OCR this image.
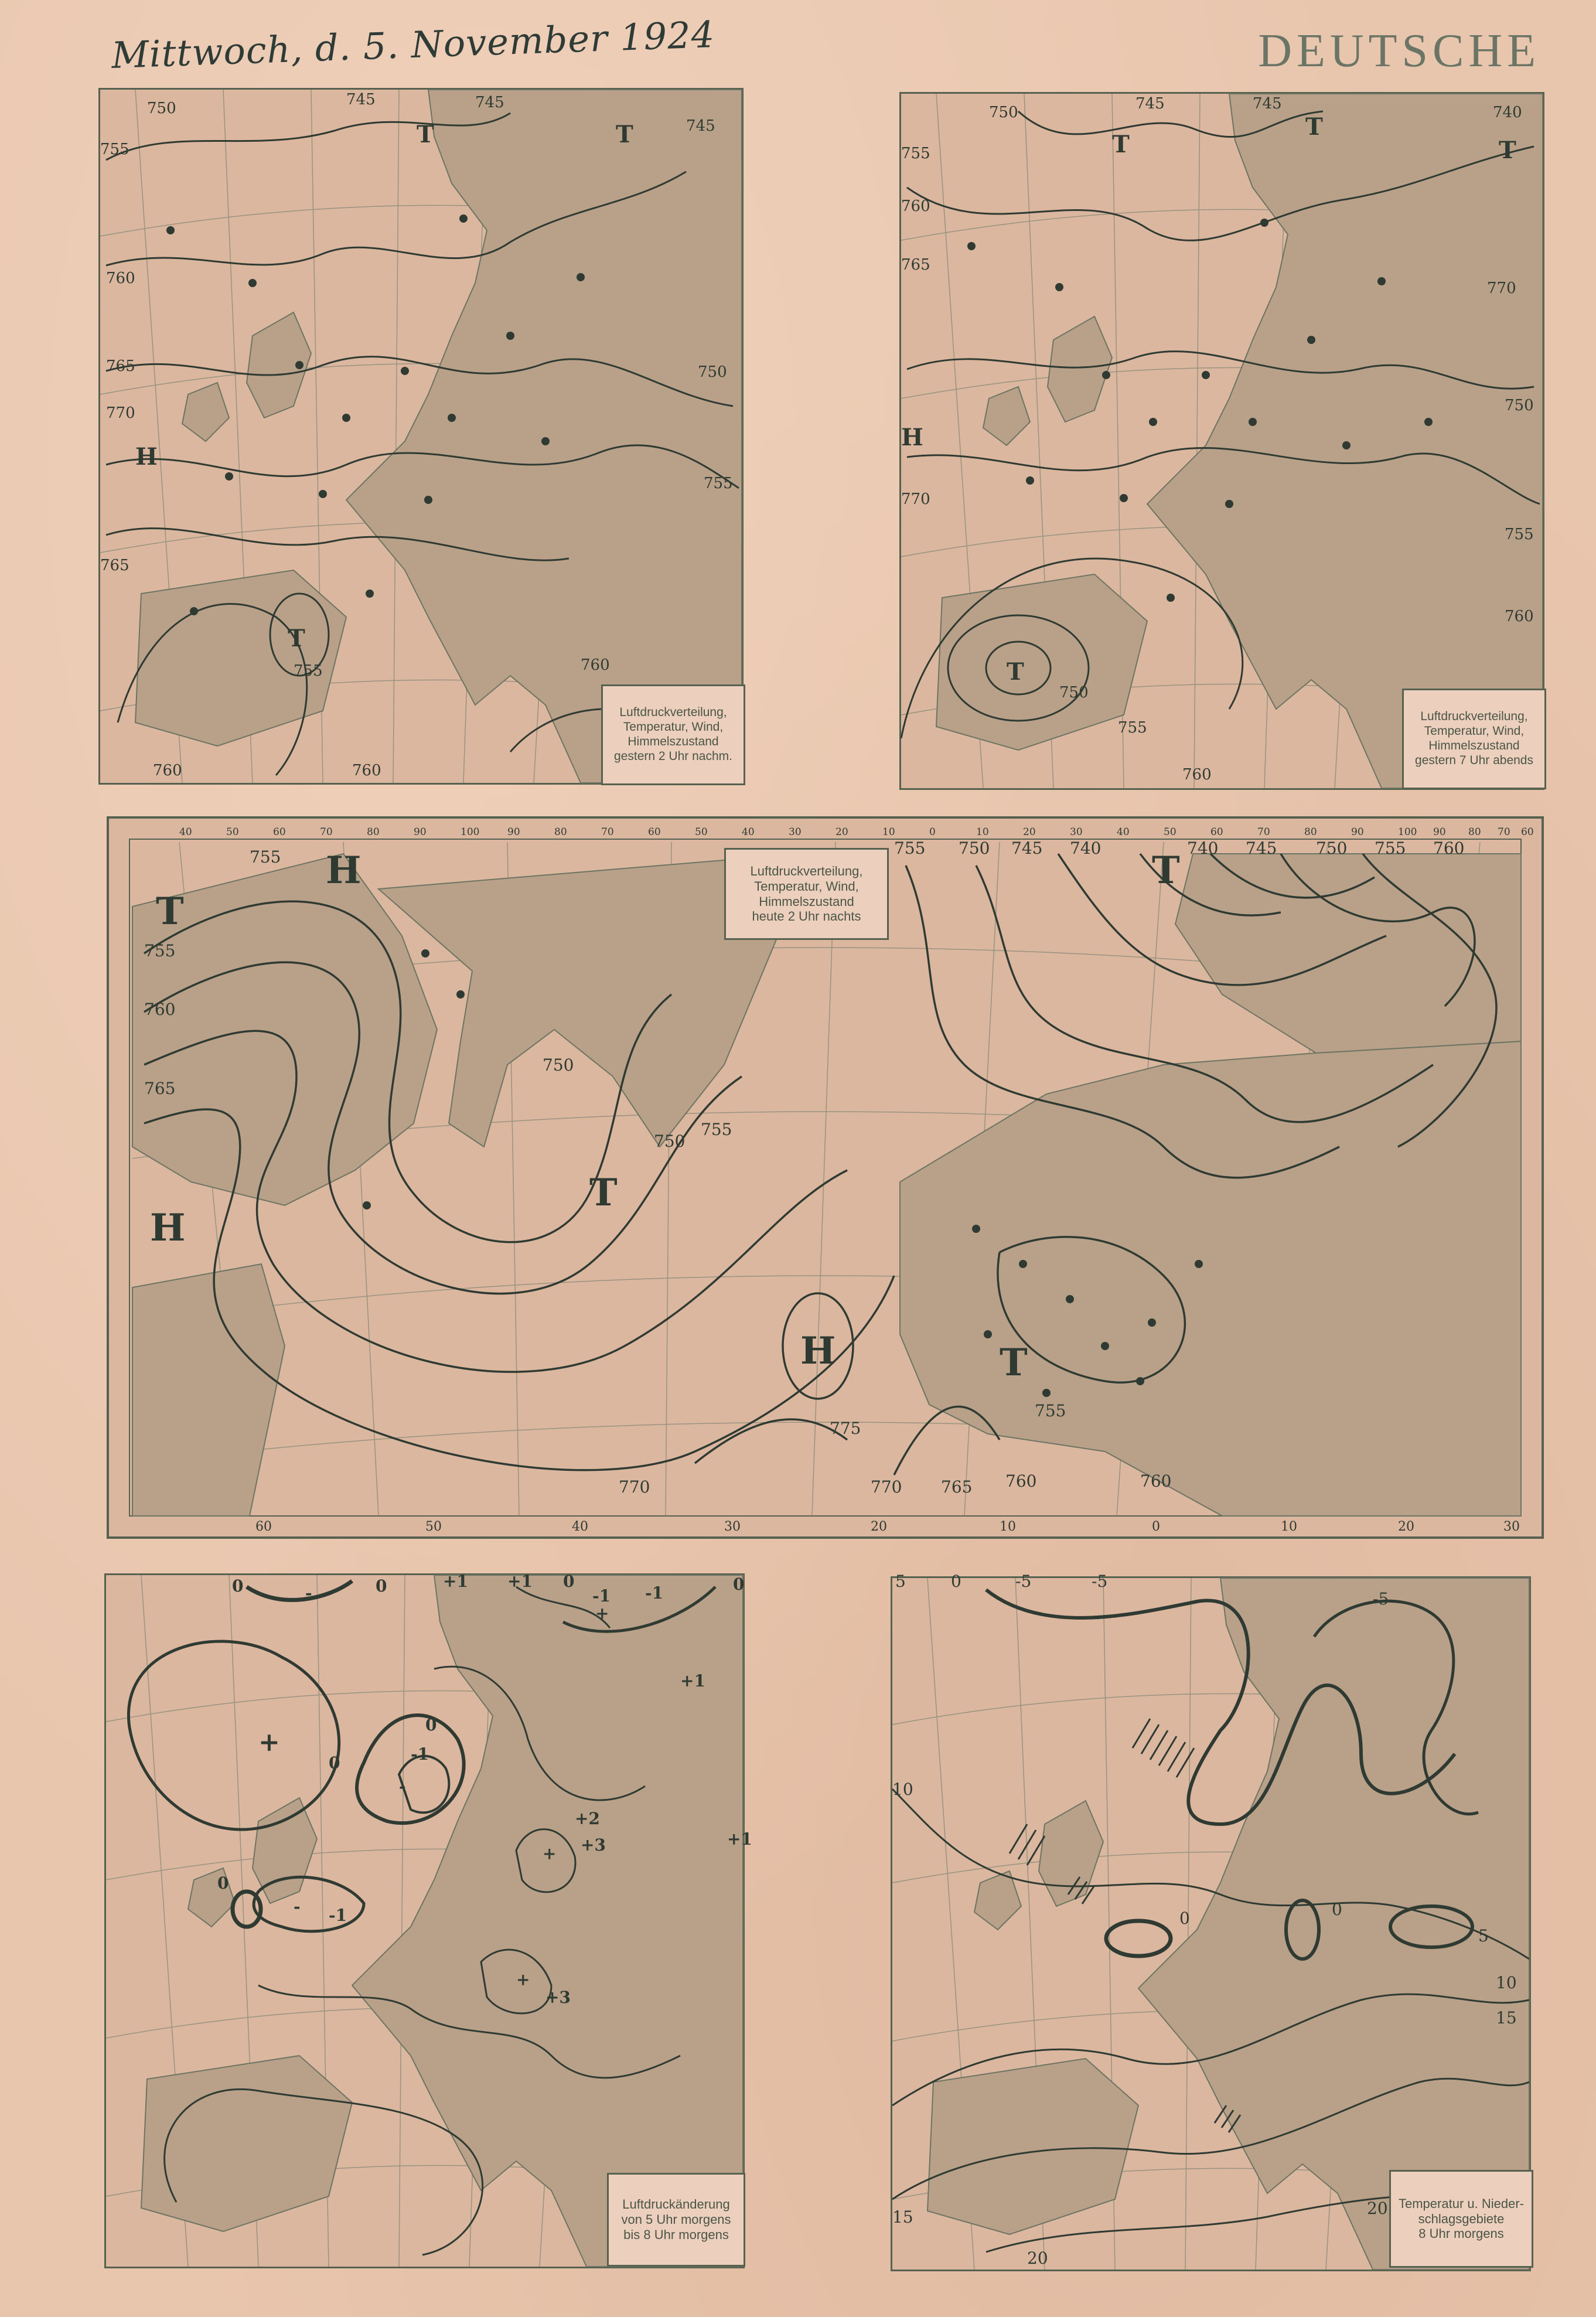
Mittwoch, d. 5. November 1924	DEUTSCHE
T	T
H
T
750
755
760
765
770
745	745
745
750
755
760
765
760
755
760
Luftdruckverteilung,
Temperatur, Wind,
Himmelszustand
gestern 2 Uhr nachm.
T
T
T
H
T
750
755
760
765
770
745	740
745
750
755
760
770
750
755
760
Luftdruckverteilung,
Temperatur, Wind,
Himmelszustand
gestern 7 Uhr abends
T
H
H
T
H	T
T
755
755
760
765
750
750
755
755 750 745 740	740 745 750 755 760
775
770	770 765 760	760
755
40	50	60	70	80	90	100	90	80	70	60	50	40	30	20	10	0	10	20	30	40	50	60	70	80	90	100 90 80 70 60
60	50	40	30	20	10	0	10	20	30
Luftdruckverteilung,
Temperatur, Wind,
Himmelszustand
heute 2 Uhr nachts
0	-	0	+1 +1 0
-1
0
-1
+
+1
0
-1
-
0
- -1
+2
+ +3	+1
+
+3
0
+
Luftdruckänderung
von 5 Uhr morgens
bis 8 Uhr morgens
5	0	-5	-5
-5
10
0	0
5
10
15
15
20
20 Temperatur u. Nieder-
schlagsgebiete
8 Uhr morgens
